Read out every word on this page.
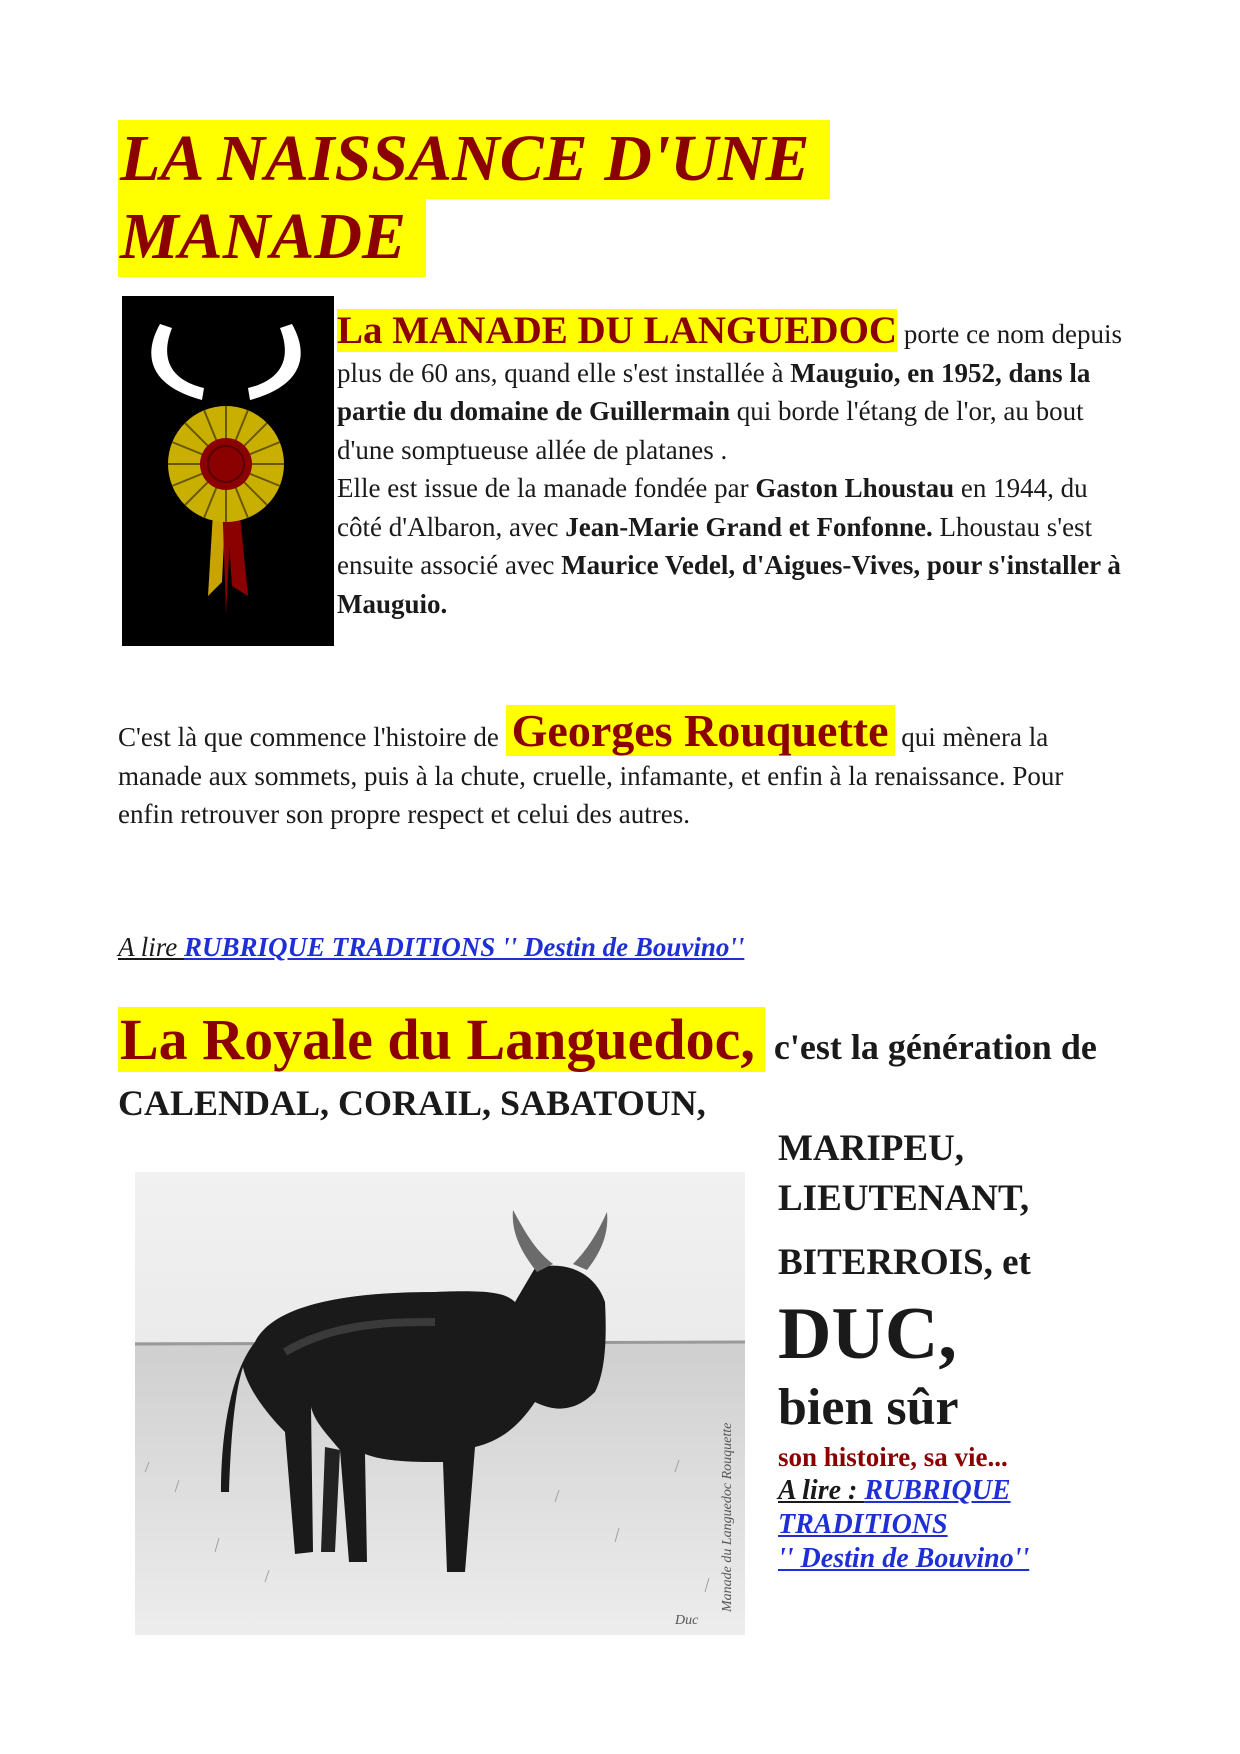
LA NAISSANCE D'UNE MANADE

La MANADE DU LANGUEDOC porte ce nom depuis plus de 60 ans, quand elle s'est installée à Mauguio, en 1952, dans la partie du domaine de Guillermain qui borde l'étang de l'or, au bout d'une somptueuse allée de platanes .
Elle est issue de la manade fondée par Gaston Lhoustau en 1944, du côté d'Albaron, avec Jean-Marie Grand et Fonfonne. Lhoustau s'est ensuite associé avec Maurice Vedel, d'Aigues-Vives, pour s'installer à Mauguio.

C'est là que commence l'histoire de Georges Rouquette qui mènera la manade aux sommets, puis à la chute, cruelle, infamante, et enfin à la renaissance. Pour enfin retrouver son propre respect et celui des autres.

A lire RUBRIQUE TRADITIONS '' Destin de Bouvino''

La Royale du Languedoc, c'est la génération de CALENDAL, CORAIL, SABATOUN,

Manade du Languedoc Rouquette
Duc
MARIPEU,
LIEUTENANT,
BITERROIS, et
DUC,
bien sûr
son histoire, sa vie...
A lire : RUBRIQUE
TRADITIONS
'' Destin de Bouvino''
